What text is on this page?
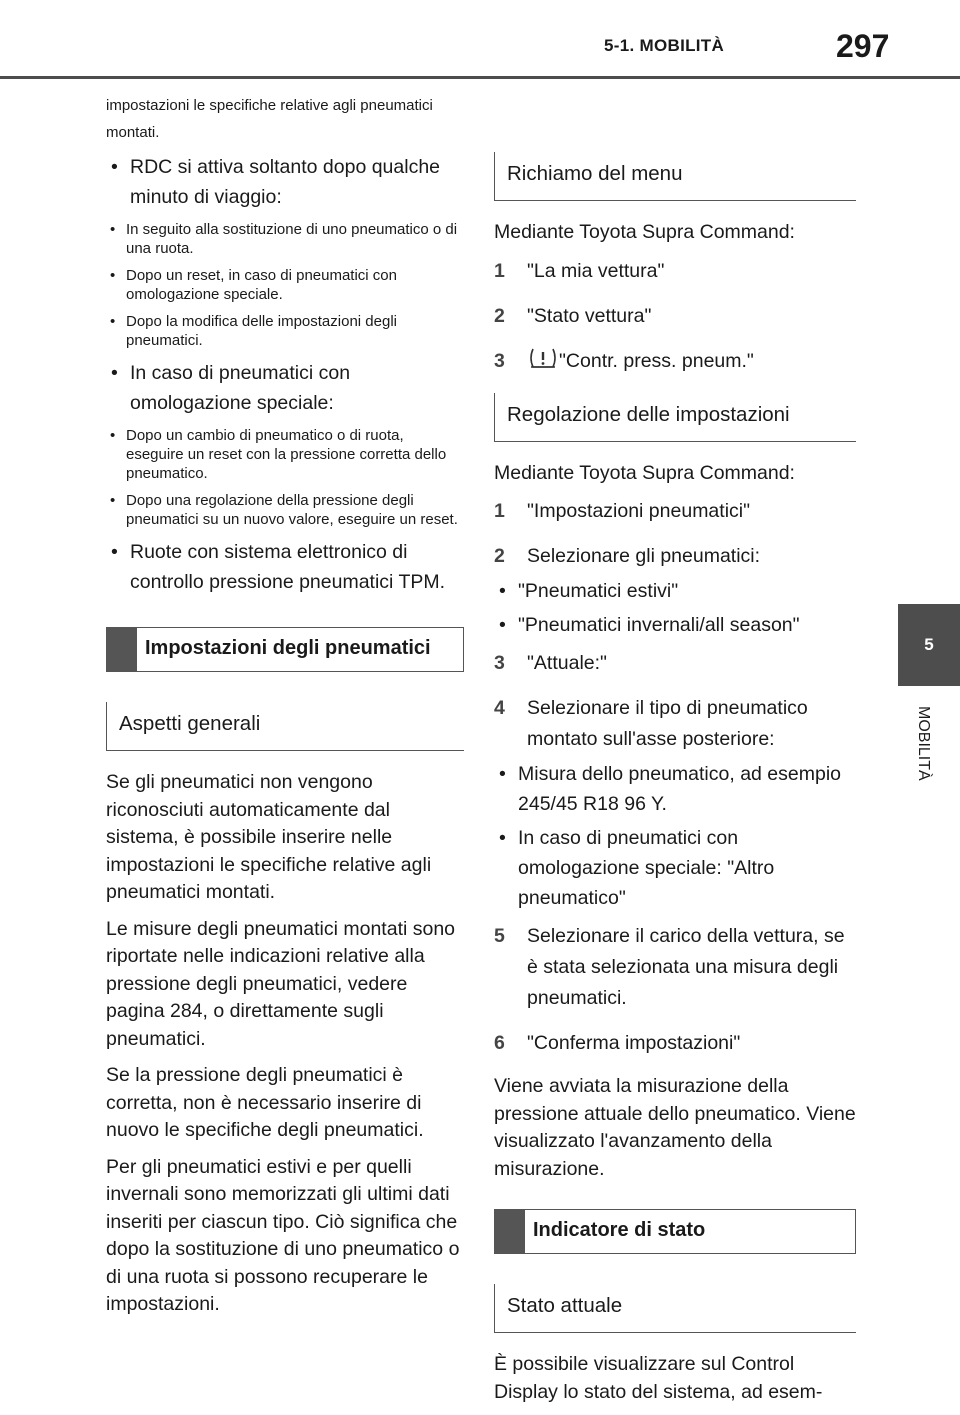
5-1. MOBILITÀ	297
5
MOBILITÀ

impostazioni le specifiche relative agli pneumatici montati.

• RDC si attiva soltanto dopo qualche minuto di viaggio:
• In seguito alla sostituzione di uno pneumatico o di una ruota.
• Dopo un reset, in caso di pneumatici con omologazione speciale.
• Dopo la modifica delle impostazioni degli pneumatici.
• In caso di pneumatici con omologazione speciale:
• Dopo un cambio di pneumatico o di ruota, eseguire un reset con la pressione corretta dello pneumatico.
• Dopo una regolazione della pressione degli pneumatici su un nuovo valore, eseguire un reset.
• Ruote con sistema elettronico di controllo pressione pneumatici TPM.
Impostazioni degli pneumatici
Aspetti generali

Se gli pneumatici non vengono riconosciuti automaticamente dal sistema, è possibile inserire nelle impostazioni le specifiche relative agli pneumatici montati.

Le misure degli pneumatici montati sono riportate nelle indicazioni relative alla pressione degli pneumatici, vedere pagina 284, o direttamente sugli pneumatici.

Se la pressione degli pneumatici è corretta, non è necessario inserire di nuovo le specifiche degli pneumatici.

Per gli pneumatici estivi e per quelli invernali sono memorizzati gli ultimi dati inseriti per ciascun tipo. Ciò significa che dopo la sostituzione di uno pneumatico o di una ruota si possono recuperare le impostazioni.

Richiamo del menu

Mediante Toyota Supra Command:

1	"La mia vettura"
2	"Stato vettura"
3	"Contr. press. pneum."
Regolazione delle impostazioni

Mediante Toyota Supra Command:

1	"Impostazioni pneumatici"
2	Selezionare gli pneumatici:
• "Pneumatici estivi"
• "Pneumatici invernali/all season"
3	"Attuale:"
4	Selezionare il tipo di pneumatico montato sull'asse posteriore:
• Misura dello pneumatico, ad esempio 245/45 R18 96 Y.
• In caso di pneumatici con omologazione speciale: "Altro pneumatico"
5	Selezionare il carico della vettura, se è stata selezionata una misura degli pneumatici.
6	"Conferma impostazioni"

Viene avviata la misurazione della pressione attuale dello pneumatico. Viene visualizzato l'avanzamento della misurazione.

Indicatore di stato
Stato attuale

È possibile visualizzare sul Control Display lo stato del sistema, ad esem-
